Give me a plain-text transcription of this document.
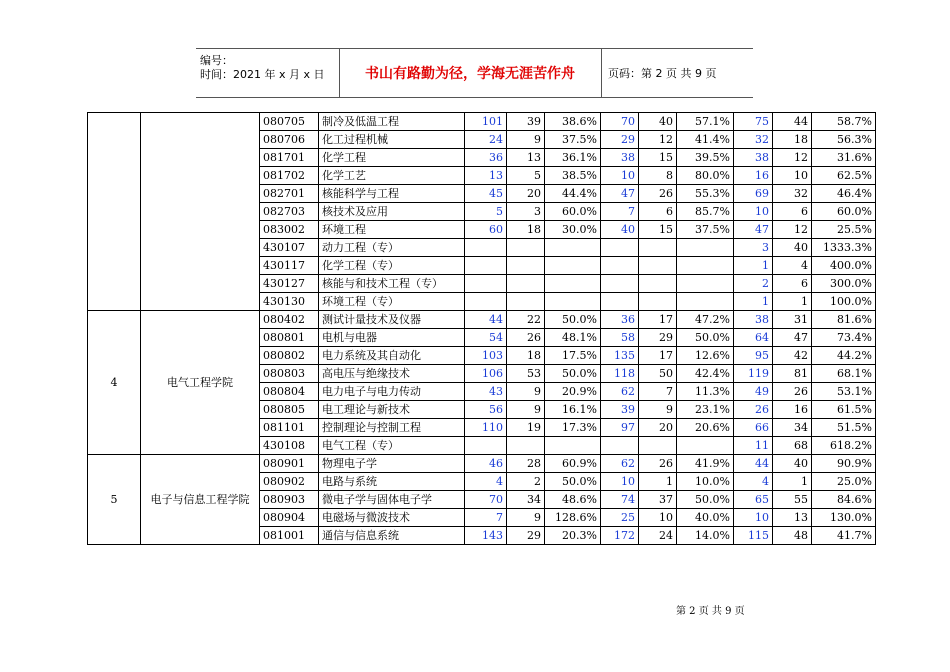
编号：
时间：2021 年 x 月 x 日	书山有路勤为径，学海无涯苦作舟	页码：第 2 页 共 9 页
		080705	制冷及低温工程	101	39	38.6%	70	40	57.1%	75	44	58.7%
		080706	化工过程机械	24	9	37.5%	29	12	41.4%	32	18	56.3%
		081701	化学工程	36	13	36.1%	38	15	39.5%	38	12	31.6%
		081702	化学工艺	13	5	38.5%	10	8	80.0%	16	10	62.5%
		082701	核能科学与工程	45	20	44.4%	47	26	55.3%	69	32	46.4%
		082703	核技术及应用	5	3	60.0%	7	6	85.7%	10	6	60.0%
		083002	环境工程	60	18	30.0%	40	15	37.5%	47	12	25.5%
		430107	动力工程（专）							3	40	1333.3%
		430117	化学工程（专）							1	4	400.0%
		430127	核能与和技术工程（专）							2	6	300.0%
		430130	环境工程（专）							1	1	100.0%
4	电气工程学院	080402	测试计量技术及仪器	44	22	50.0%	36	17	47.2%	38	31	81.6%
		080801	电机与电器	54	26	48.1%	58	29	50.0%	64	47	73.4%
		080802	电力系统及其自动化	103	18	17.5%	135	17	12.6%	95	42	44.2%
		080803	高电压与绝缘技术	106	53	50.0%	118	50	42.4%	119	81	68.1%
		080804	电力电子与电力传动	43	9	20.9%	62	7	11.3%	49	26	53.1%
		080805	电工理论与新技术	56	9	16.1%	39	9	23.1%	26	16	61.5%
		081101	控制理论与控制工程	110	19	17.3%	97	20	20.6%	66	34	51.5%
		430108	电气工程（专）							11	68	618.2%
5	电子与信息工程学院	080901	物理电子学	46	28	60.9%	62	26	41.9%	44	40	90.9%
		080902	电路与系统	4	2	50.0%	10	1	10.0%	4	1	25.0%
		080903	微电子学与固体电子学	70	34	48.6%	74	37	50.0%	65	55	84.6%
		080904	电磁场与微波技术	7	9	128.6%	25	10	40.0%	10	13	130.0%
		081001	通信与信息系统	143	29	20.3%	172	24	14.0%	115	48	41.7%
第 2 页 共 9 页
